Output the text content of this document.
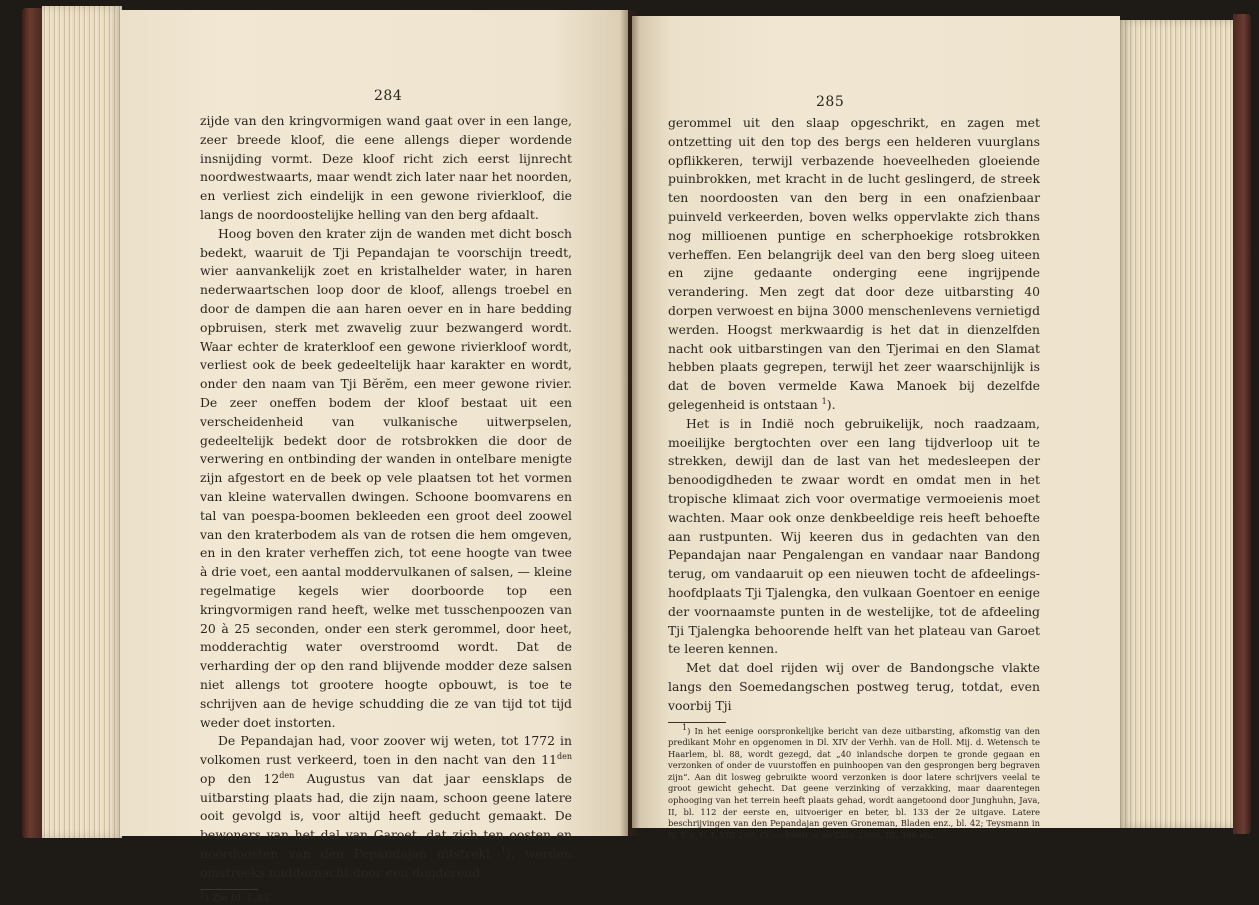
284

zijde van den kringvormigen wand gaat over in een lange, zeer breede kloof, die eene allengs dieper wordende insnijding vormt. Deze kloof richt zich eerst lijnrecht noordwestwaarts, maar wendt zich later naar het noorden, en verliest zich eindelijk in een gewone rivierkloof, die langs de noordoostelijke helling van den berg afdaalt.

Hoog boven den krater zijn de wanden met dicht bosch bedekt, waaruit de Tji Pepandajan te voorschijn treedt, wier aanvankelijk zoet en kristalhelder water, in haren nederwaartschen loop door de kloof, allengs troebel en door de dampen die aan haren oever en in hare bedding opbruisen, sterk met zwavelig zuur bezwangerd wordt. Waar echter de kraterkloof een gewone rivierkloof wordt, verliest ook de beek gedeeltelijk haar karakter en wordt, onder den naam van Tji Bĕrĕm, een meer gewone rivier. De zeer oneffen bodem der kloof bestaat uit een verscheidenheid van vulkanische uitwerpselen, gedeeltelijk bedekt door de rotsbrokken die door de verwering en ontbinding der wanden in ontelbare menigte zijn afgestort en de beek op vele plaatsen tot het vormen van kleine watervallen dwingen. Schoone boomvarens en tal van poespa-boomen bekleeden een groot deel zoowel van den kraterbodem als van de rotsen die hem omgeven, en in den krater verheffen zich, tot eene hoogte van twee à drie voet, een aantal moddervulkanen of salsen, — kleine regelmatige kegels wier doorboorde top een kringvormigen rand heeft, welke met tusschenpoozen van 20 à 25 seconden, onder een sterk gerommel, door heet, modderachtig water overstroomd wordt. Dat de verharding der op den rand blijvende modder deze salsen niet allengs tot grootere hoogte opbouwt, is toe te schrijven aan de hevige schudding die ze van tijd tot tijd weder doet instorten.

De Pepandajan had, voor zoover wij weten, tot 1772 in volkomen rust verkeerd, toen in den nacht van den $11^{den}$ op den $12^{den}$ Augustus van dat jaar eensklaps de uitbarsting plaats had, die zijn naam, schoon geene latere ooit gevolgd is, voor altijd heeft geducht gemaakt. De bewoners van het dal van Garoet, dat zich ten oosten en noordoosten van den Pepandajan uitstrekt $^1$), werden omstreeks middernacht door een donderend

$^1$) Zie Dl. I. 84.
285

gerommel uit den slaap opgeschrikt, en zagen met ontzetting uit den top des bergs een helderen vuurglans opflikkeren, terwijl verbazende hoeveelheden gloeiende puinbrokken, met kracht in de lucht geslingerd, de streek ten noordoosten van den berg in een onafzienbaar puinveld verkeerden, boven welks oppervlakte zich thans nog millioenen puntige en scherphoekige rotsbrokken verheffen. Een belangrijk deel van den berg sloeg uiteen en zijne gedaante onderging eene ingrijpende verandering. Men zegt dat door deze uitbarsting 40 dorpen verwoest en bijna 3000 menschenlevens vernietigd werden. Hoogst merkwaardig is het dat in dienzelfden nacht ook uitbarstingen van den Tjerimai en den Slamat hebben plaats gegrepen, terwijl het zeer waarschijnlijk is dat de boven vermelde Kawa Manoek bij dezelfde gelegenheid is ontstaan $^1$).

Het is in Indië noch gebruikelijk, noch raadzaam, moeilijke bergtochten over een lang tijdverloop uit te strekken, dewijl dan de last van het medesleepen der benoodigdheden te zwaar wordt en omdat men in het tropische klimaat zich voor overmatige vermoeienis moet wachten. Maar ook onze denkbeeldige reis heeft behoefte aan rustpunten. Wij keeren dus in gedachten van den Pepandajan naar Pengalengan en vandaar naar Bandong terug, om vandaaruit op een nieuwen tocht de afdeelings-hoofdplaats Tji Tjalengka, den vulkaan Goentoer en eenige der voornaamste punten in de westelijke, tot de afdeeling Tji Tjalengka behoorende helft van het plateau van Garoet te leeren kennen.

Met dat doel rijden wij over de Bandongsche vlakte langs den Soemedangschen postweg terug, totdat, even voorbij Tji

1) In het eenige oorspronkelijke bericht van deze uitbarsting, afkomstig van den predikant Mohr en opgenomen in Dl. XIV der Verhh. van de Holl. Mij. d. Wetensch te Haarlem, bl. 88, wordt gezegd, dat „40 inlandsche dorpen te gronde gegaan en verzonken of onder de vuurstoffen en puinhoopen van den gesprongen berg begraven zijn“. Aan dit losweg gebruikte woord verzonken is door latere schrijvers veelal te groot gewicht gehecht. Dat geene verzinking of verzakking, maar daarentegen ophooging van het terrein heeft plaats gehad, wordt aangetoond door Junghuhn, Java, II, bl. 112 der eerste en, uitvoeriger en beter, bl. 133 der 2e uitgave. Latere beschrijvingen van den Pepandajan geven Groneman, Bladen enz., bl. 42; Teysmann in N. T. v. N. I. VIII 209; Croockewit in de Gids, 1866, III, 308 enz.
